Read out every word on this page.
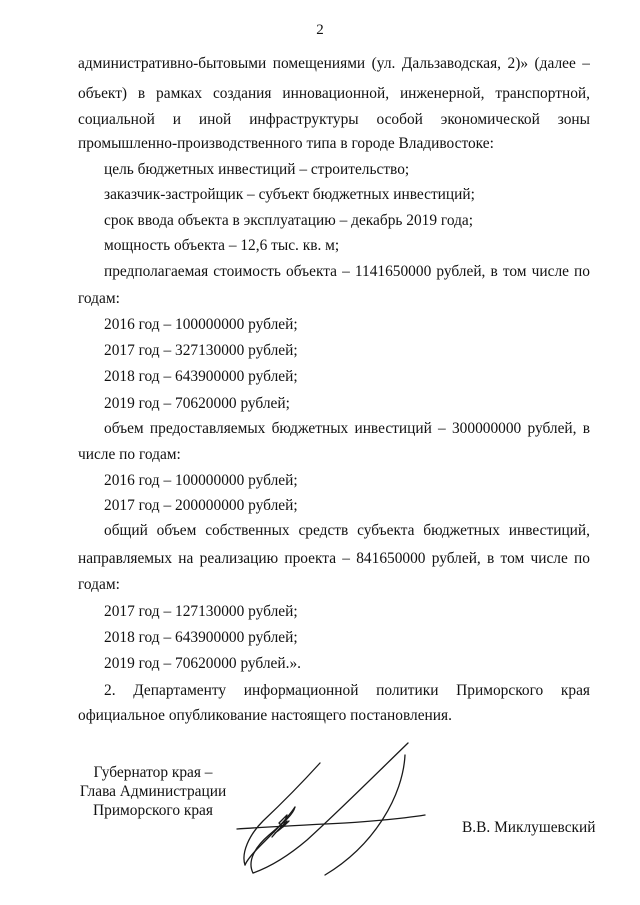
2
административно-бытовыми помещениями (ул. Дальзаводская, 2)» (далее –
объект) в рамках создания инновационной, инженерной, транспортной,
социальной и иной инфраструктуры особой экономической зоны
промышленно-производственного типа в городе Владивостоке:
цель бюджетных инвестиций – строительство;
заказчик-застройщик – субъект бюджетных инвестиций;
срок ввода объекта в эксплуатацию – декабрь 2019 года;
мощность объекта – 12,6 тыс. кв. м;
предполагаемая стоимость объекта – 1141650000 рублей, в том числе по
годам:
2016 год – 100000000 рублей;
2017 год – 327130000 рублей;
2018 год – 643900000 рублей;
2019 год – 70620000 рублей;
объем предоставляемых бюджетных инвестиций – 300000000 рублей, в
числе по годам:
2016 год – 100000000 рублей;
2017 год – 200000000 рублей;
общий объем собственных средств субъекта бюджетных инвестиций,
направляемых на реализацию проекта – 841650000 рублей, в том числе по
годам:
2017 год – 127130000 рублей;
2018 год – 643900000 рублей;
2019 год – 70620000 рублей.».
2. Департаменту информационной политики Приморского края
официальное опубликование настоящего постановления.
Губернатор края –
Глава Администрации
Приморского края
В.В. Миклушевский
